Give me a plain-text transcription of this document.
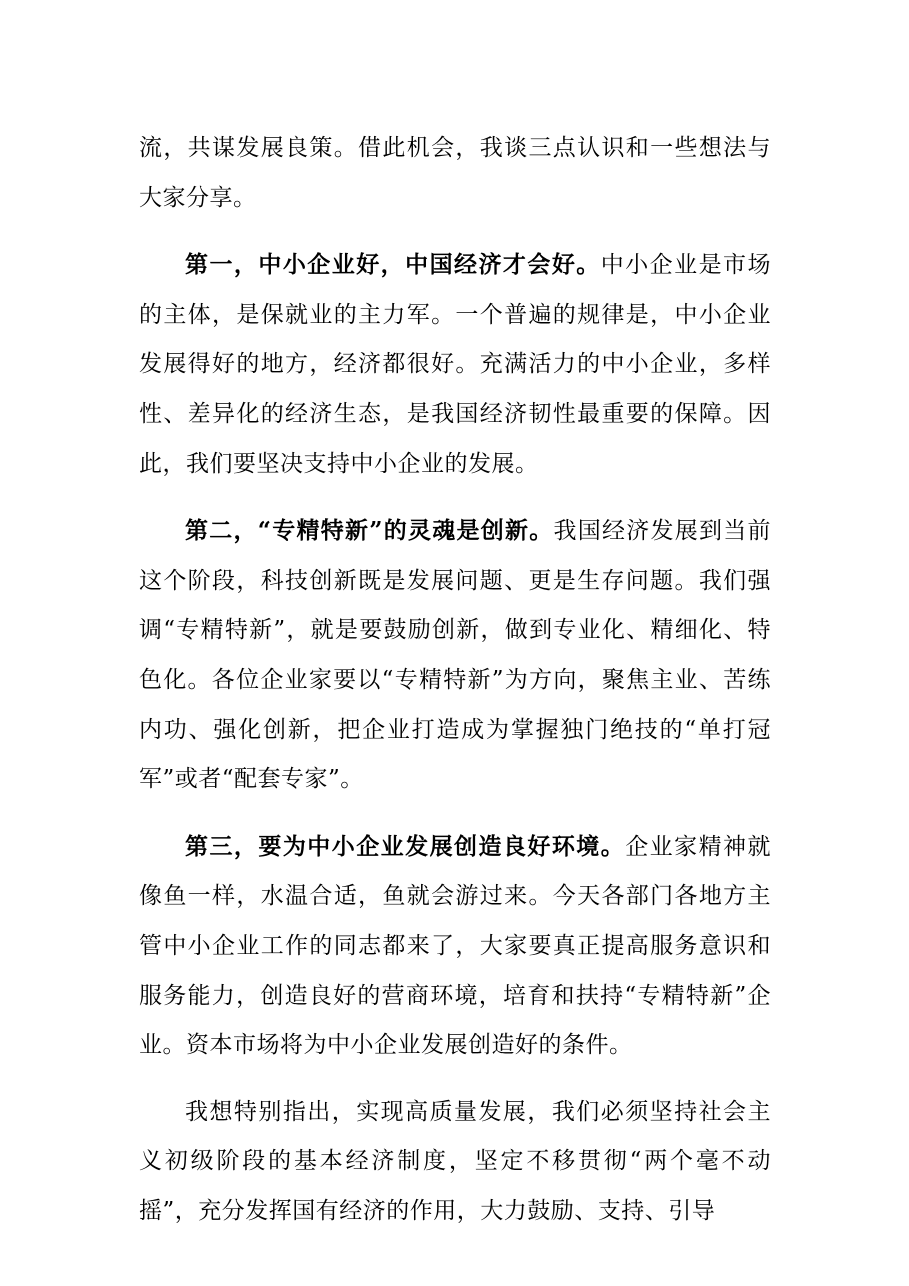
流，共谋发展良策。借此机会，我谈三点认识和一些想法与大家分享。

第一，中小企业好，中国经济才会好。中小企业是市场的主体，是保就业的主力军。一个普遍的规律是，中小企业发展得好的地方，经济都很好。充满活力的中小企业，多样性、差异化的经济生态，是我国经济韧性最重要的保障。因此，我们要坚决支持中小企业的发展。

第二，“专精特新”的灵魂是创新。我国经济发展到当前这个阶段，科技创新既是发展问题、更是生存问题。我们强调“专精特新”，就是要鼓励创新，做到专业化、精细化、特色化。各位企业家要以“专精特新”为方向，聚焦主业、苦练内功、强化创新，把企业打造成为掌握独门绝技的“单打冠军”或者“配套专家”。

第三，要为中小企业发展创造良好环境。企业家精神就像鱼一样，水温合适，鱼就会游过来。今天各部门各地方主管中小企业工作的同志都来了，大家要真正提高服务意识和服务能力，创造良好的营商环境，培育和扶持“专精特新”企业。资本市场将为中小企业发展创造好的条件。

我想特别指出，实现高质量发展，我们必须坚持社会主义初级阶段的基本经济制度，坚定不移贯彻“两个毫不动摇”，充分发挥国有经济的作用，大力鼓励、支持、引导
